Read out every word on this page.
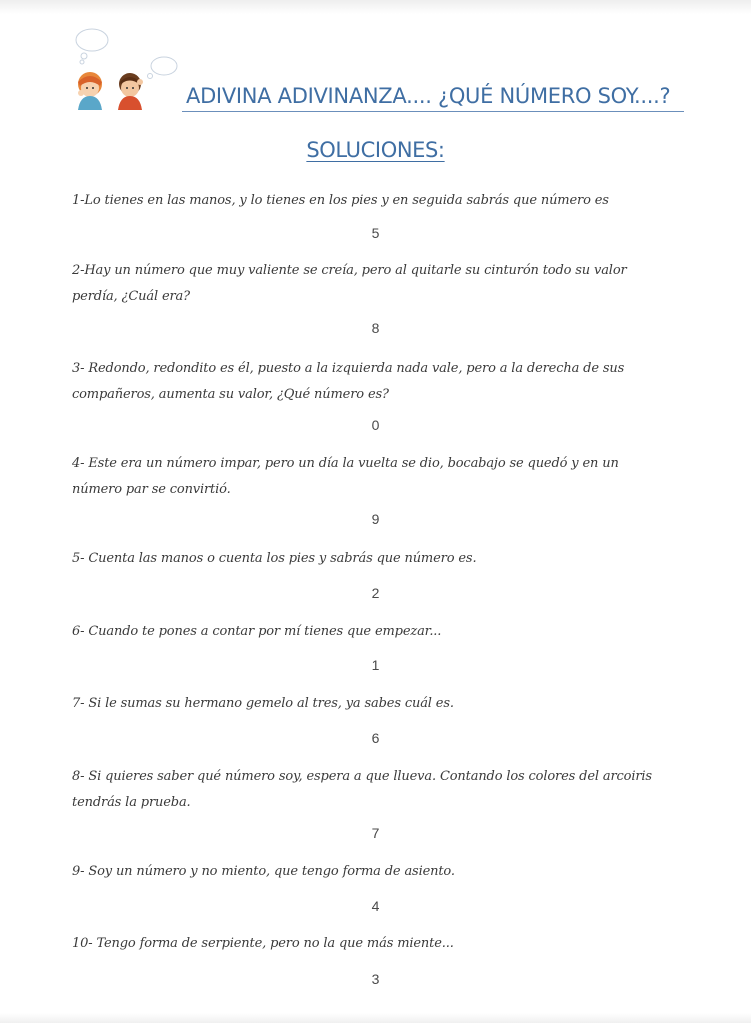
ADIVINA ADIVINANZA.... ¿QUÉ NÚMERO SOY....?
SOLUCIONES:
1-Lo tienes en las manos, y lo tienes en los pies y en seguida sabrás que número es
5
2-Hay un número que muy valiente se creía, pero al quitarle su cinturón todo su valor perdía, ¿Cuál era?
8
3- Redondo, redondito es él, puesto a la izquierda nada vale, pero a la derecha de sus compañeros, aumenta su valor, ¿Qué número es?
0
4- Este era un número impar, pero un día la vuelta se dio, bocabajo se quedó y en un número par se convirtió.
9
5- Cuenta las manos o cuenta los pies y sabrás que número es.
2
6- Cuando te pones a contar por mí tienes que empezar...
1
7- Si le sumas su hermano gemelo al tres, ya sabes cuál es.
6
8- Si quieres saber qué número soy, espera a que llueva. Contando los colores del arcoiris tendrás la prueba.
7
9- Soy un número y no miento, que tengo forma de asiento.
4
10- Tengo forma de serpiente, pero no la que más miente...
3
